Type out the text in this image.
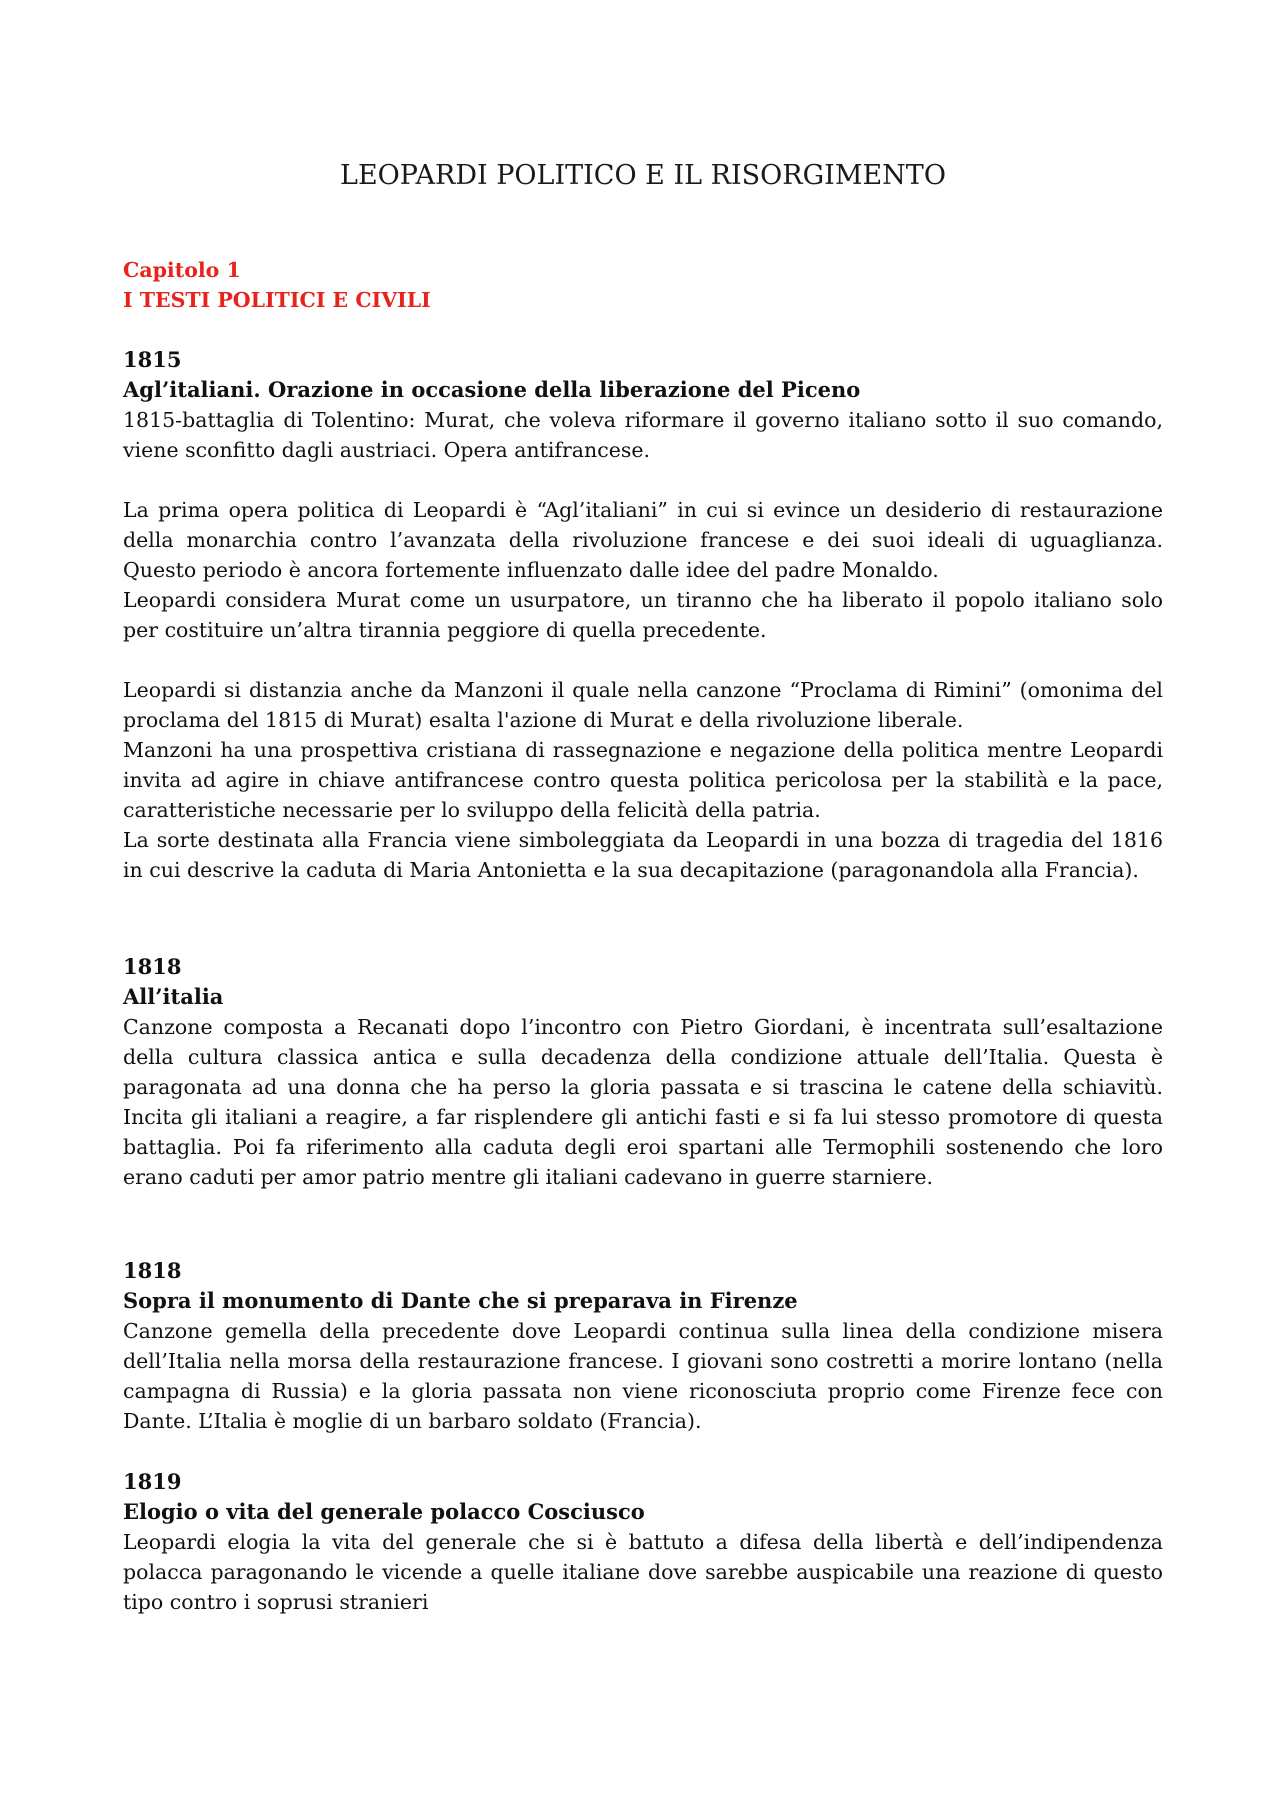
LEOPARDI POLITICO E IL RISORGIMENTO
Capitolo 1
I TESTI POLITICI E CIVILI
1815
Agl’italiani. Orazione in occasione della liberazione del Piceno

1815-battaglia di Tolentino: Murat, che voleva riformare il governo italiano sotto il suo comando, viene sconfitto dagli austriaci. Opera antifrancese.

La prima opera politica di Leopardi è “Agl’italiani” in cui si evince un desiderio di restaurazione della monarchia contro l’avanzata della rivoluzione francese e dei suoi ideali di uguaglianza. Questo periodo è ancora fortemente influenzato dalle idee del padre Monaldo.

Leopardi considera Murat come un usurpatore, un tiranno che ha liberato il popolo italiano solo per costituire un’altra tirannia peggiore di quella precedente.

Leopardi si distanzia anche da Manzoni il quale nella canzone “Proclama di Rimini” (omonima del proclama del 1815 di Murat) esalta l'azione di Murat e della rivoluzione liberale.

Manzoni ha una prospettiva cristiana di rassegnazione e negazione della politica mentre Leopardi invita ad agire in chiave antifrancese contro questa politica pericolosa per la stabilità e la pace, caratteristiche necessarie per lo sviluppo della felicità della patria.

La sorte destinata alla Francia viene simboleggiata da Leopardi in una bozza di tragedia del 1816 in cui descrive la caduta di Maria Antonietta e la sua decapitazione (paragonandola alla Francia).

1818
All’italia

Canzone composta a Recanati dopo l’incontro con Pietro Giordani, è incentrata sull’esaltazione della cultura classica antica e sulla decadenza della condizione attuale dell’Italia. Questa è paragonata ad una donna che ha perso la gloria passata e si trascina le catene della schiavitù. Incita gli italiani a reagire, a far risplendere gli antichi fasti e si fa lui stesso promotore di questa battaglia. Poi fa riferimento alla caduta degli eroi spartani alle Termophili sostenendo che loro erano caduti per amor patrio mentre gli italiani cadevano in guerre starniere.

1818
Sopra il monumento di Dante che si preparava in Firenze

Canzone gemella della precedente dove Leopardi continua sulla linea della condizione misera dell’Italia nella morsa della restaurazione francese. I giovani sono costretti a morire lontano (nella campagna di Russia) e la gloria passata non viene riconosciuta proprio come Firenze fece con Dante. L’Italia è moglie di un barbaro soldato (Francia).

1819
Elogio o vita del generale polacco Cosciusco

Leopardi elogia la vita del generale che si è battuto a difesa della libertà e dell’indipendenza polacca paragonando le vicende a quelle italiane dove sarebbe auspicabile una reazione di questo tipo contro i soprusi stranieri
